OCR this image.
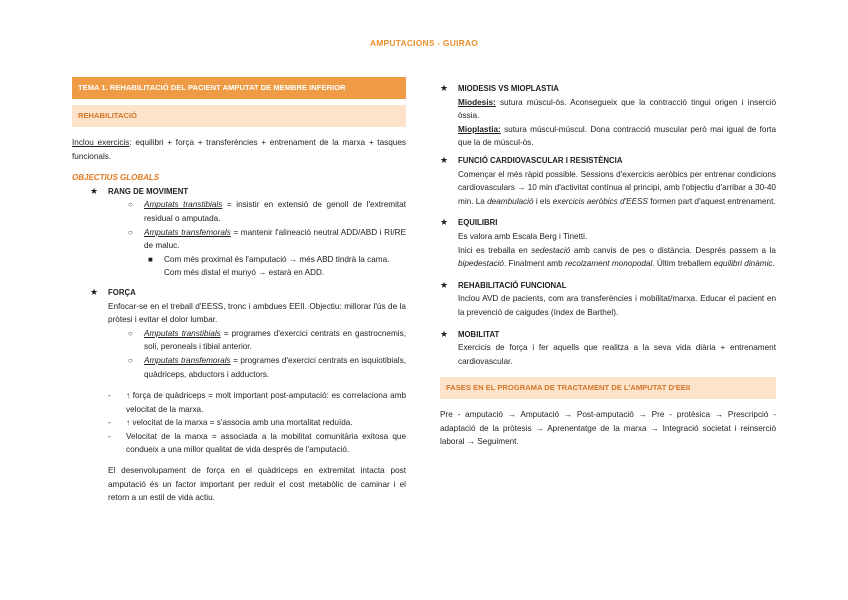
AMPUTACIONS - GUIRAO
TEMA 1. REHABILITACIÓ DEL PACIENT AMPUTAT DE MEMBRE INFERIOR
REHABILITACIÓ

Inclou exercicis: equilibri + força + transferències + entrenament de la marxa + tasques funcionals.

OBJECTIUS GLOBALS

★	RANG DE MOVIMENT
○	Amputats transtibials = insistir en extensió de genoll de l'extremitat residual o amputada.
○	Amputats transfemorals = mantenir l'alineació neutral ADD/ABD i RI/RE de maluc.
■	Com més proximal és l'amputació → més ABD tindrà la cama. Com més distal el munyó → estarà en ADD.
★	FORÇA

Enfocar-se en el treball d'EESS, tronc i ambdues EEII. Objectiu: millorar l'ús de la pròtesi i evitar el dolor lumbar.

○	Amputats transtibials = programes d'exercici centrats en gastrocnemis, soli, peroneals i tibial anterior.
○	Amputats transfemorals = programes d'exercici centrats en isquiotibials, quàdriceps, abductors i adductors.
-	↑ força de quàdriceps = molt important post-amputació: es correlaciona amb velocitat de la marxa.
-	↑ velocitat de la marxa = s'associa amb una mortalitat reduïda.
-	Velocitat de la marxa = associada a la mobilitat comunitària exitosa que condueix a una millor qualitat de vida després de l'amputació.

El desenvolupament de força en el quàdriceps en extremitat intacta post amputació és un factor important per reduir el cost metabòlic de caminar i el retorn a un estil de vida actiu.

★	MIODESIS VS MIOPLASTIA

Miodesis: sutura múscul-òs. Aconsegueix que la contracció tingui origen i inserció òssia.

Mioplastia: sutura múscul-múscul. Dona contracció muscular però mai igual de forta que la de múscul-òs.

★	FUNCIÓ CARDIOVASCULAR I RESISTÈNCIA

Començar el més ràpid possible. Sessions d'exercicis aeròbics per entrenar condicions cardiovasculars → 10 min d'activitat contínua al principi, amb l'objectiu d'arribar a 30-40 min. La deambulació i els exercicis aeròbics d'EESS formen part d'aquest entrenament.

★	EQUILIBRI

Es valora amb Escala Berg i Tinetti.

Inici es treballa en sedestació amb canvis de pes o distància. Després passem a la bipedestació. Finalment amb recolzament monopodal. Últim treballem equilibri dinàmic.

★	REHABILITACIÓ FUNCIONAL

Inclou AVD de pacients, com ara transferències i mobilitat/marxa. Educar el pacient en la prevenció de caigudes (índex de Barthel).

★	MOBILITAT

Exercicis de força i fer aquells que realitza a la seva vida diària + entrenament cardiovascular.

FASES EN EL PROGRAMA DE TRACTAMENT DE L'AMPUTAT D'EEII

Pre - amputació → Amputació → Post-amputació → Pre - protèsica → Prescripció - adaptació de la pròtesis → Aprenentatge de la marxa → Integració societat i reinserció laboral → Seguiment.
